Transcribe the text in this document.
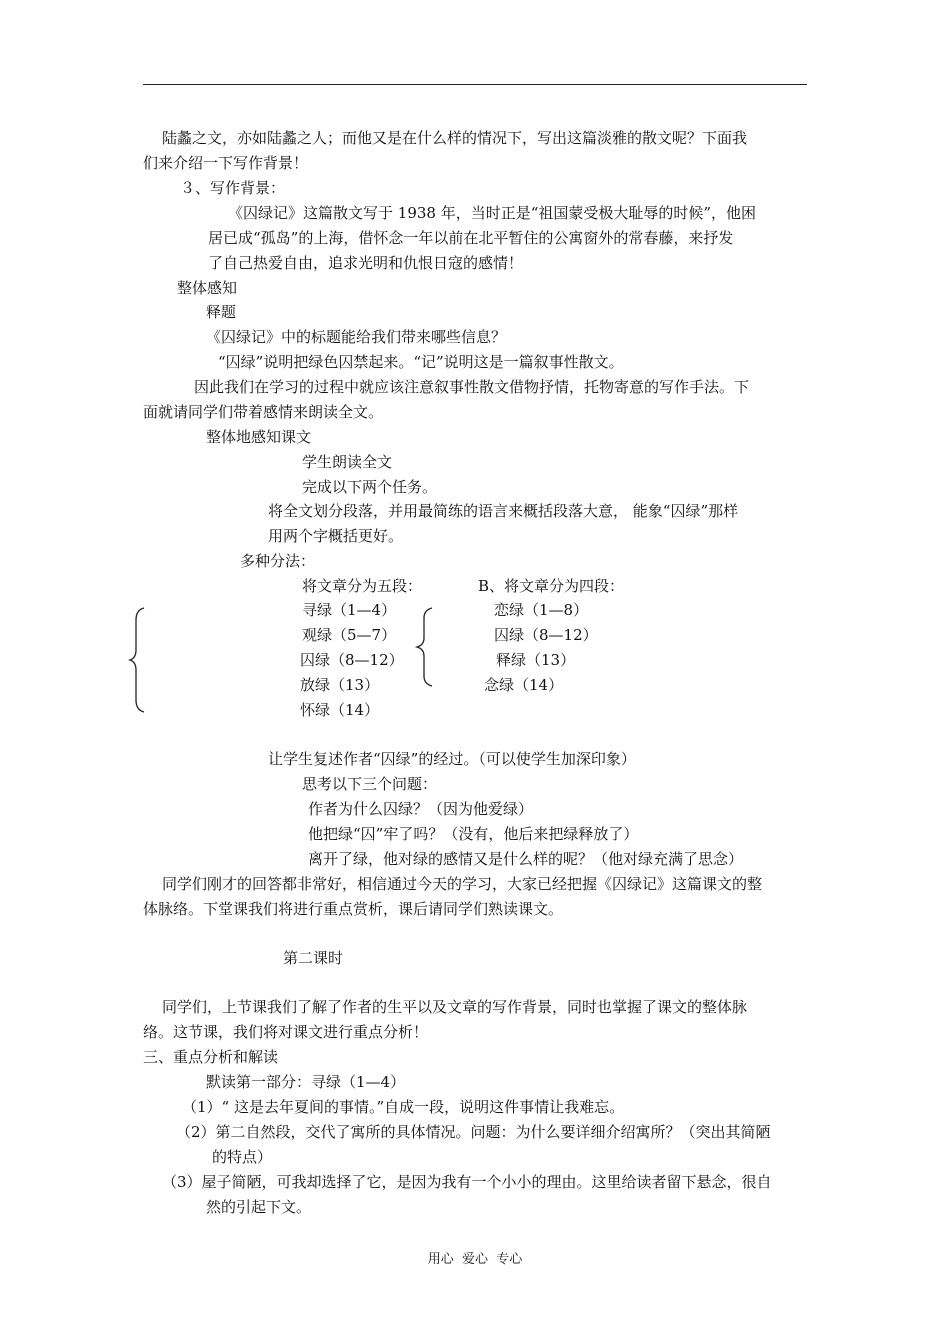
陆蠡之文，亦如陆蠡之人；而他又是在什么样的情况下，写出这篇淡雅的散文呢？下面我
们来介绍一下写作背景！
３、写作背景：
《囚绿记》这篇散文写于 1938 年，当时正是“祖国蒙受极大耻辱的时候”，他困
居已成“孤岛”的上海，借怀念一年以前在北平暂住的公寓窗外的常春藤，来抒发
了自己热爱自由，追求光明和仇恨日寇的感情！
整体感知
释题
《囚绿记》中的标题能给我们带来哪些信息？
“囚绿”说明把绿色囚禁起来。“记”说明这是一篇叙事性散文。
因此我们在学习的过程中就应该注意叙事性散文借物抒情，托物寄意的写作手法。下
面就请同学们带着感情来朗读全文。
整体地感知课文
学生朗读全文
完成以下两个任务。
将全文划分段落，并用最简练的语言来概括段落大意， 能象“囚绿”那样
用两个字概括更好。
多种分法：
将文章分为五段：	B、将文章分为四段：
寻绿（1—4）
观绿（5—7）
囚绿（8—12）
放绿（13）
怀绿（14）
恋绿（1—8）
囚绿（8—12）
释绿（13）
念绿（14）
让学生复述作者“囚绿”的经过。（可以使学生加深印象）
思考以下三个问题：
作者为什么囚绿？（因为他爱绿）
他把绿“囚”牢了吗？（没有，他后来把绿释放了）
离开了绿，他对绿的感情又是什么样的呢？（他对绿充满了思念）
同学们刚才的回答都非常好，相信通过今天的学习，大家已经把握《囚绿记》这篇课文的整
体脉络。下堂课我们将进行重点赏析，课后请同学们熟读课文。
第二课时
同学们，上节课我们了解了作者的生平以及文章的写作背景，同时也掌握了课文的整体脉
络。这节课，我们将对课文进行重点分析！
三、重点分析和解读
默读第一部分：寻绿（1—4）
（1）“ 这是去年夏间的事情。”自成一段，说明这件事情让我难忘。
（2）第二自然段，交代了寓所的具体情况。问题：为什么要详细介绍寓所？（突出其简陋
的特点）
（3）屋子简陋，可我却选择了它，是因为我有一个小小的理由。这里给读者留下悬念，很自
然的引起下文。
用心  爱心  专心
